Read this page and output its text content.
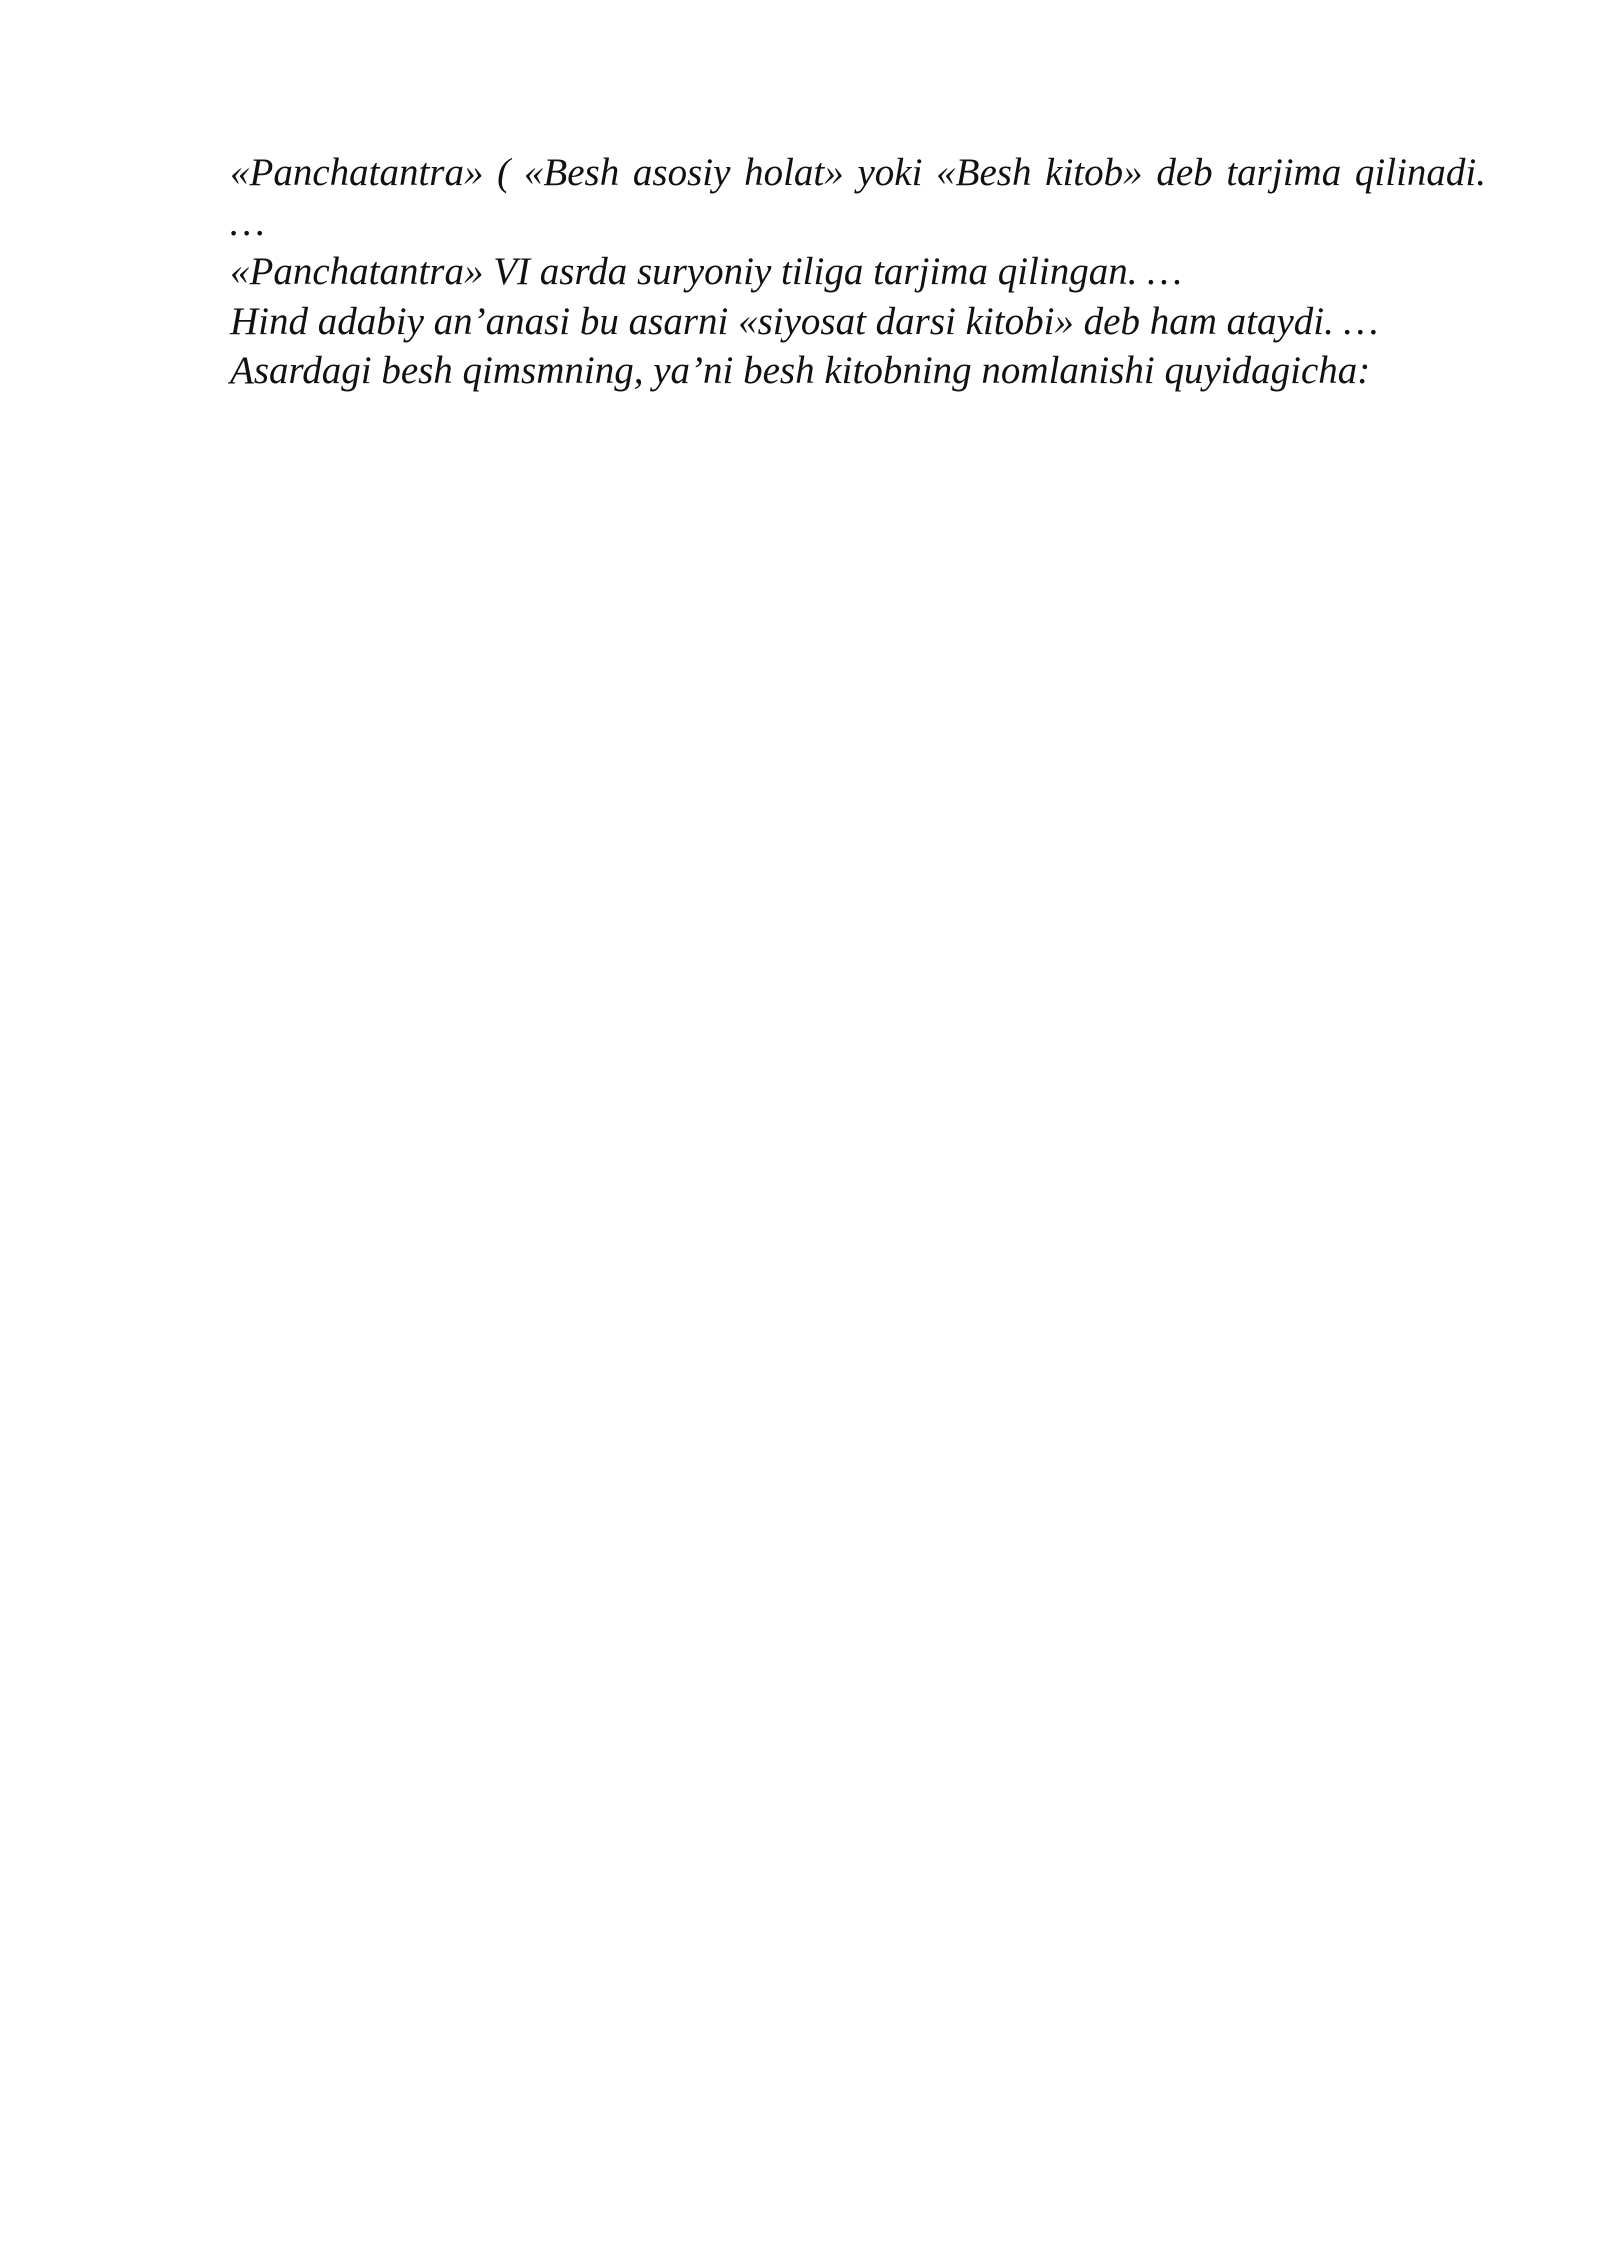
«Panchatantra» ( «Besh asosiy holat» yoki «Besh kitob» deb tarjima qilinadi. …

«Panchatantra» VI asrda suryoniy tiliga tarjima qilingan. …

Hind adabiy an’anasi bu asarni «siyosat darsi kitobi» deb ham ataydi. …

Asardagi besh qimsmning, ya’ni besh kitobning nomlanishi quyidagicha:
